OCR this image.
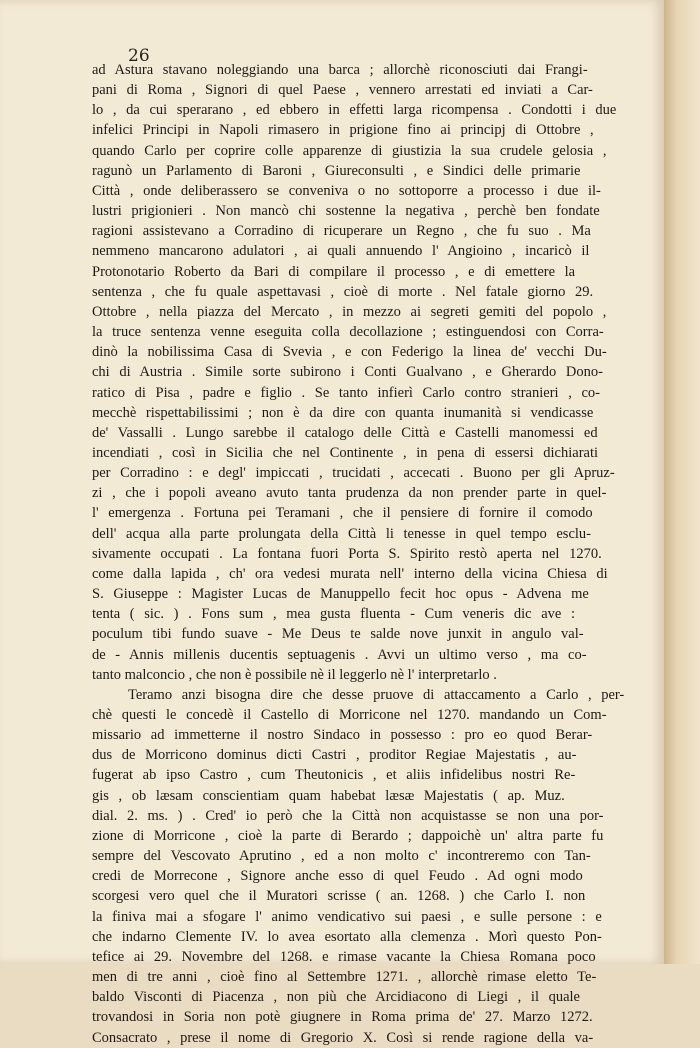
26
ad Astura stavano noleggiando una barca ; allorchè riconosciuti dai Frangi-
pani di Roma , Signori di quel Paese , vennero arrestati ed inviati a Car-
lo , da cui sperarano , ed ebbero in effetti larga ricompensa . Condotti i due
infelici Principi in Napoli rimasero in prigione fino ai principj di Ottobre ,
quando Carlo per coprire colle apparenze di giustizia la sua crudele gelosia ,
ragunò un Parlamento di Baroni , Giureconsulti , e Sindici delle primarie
Città , onde deliberassero se conveniva o no sottoporre a processo i due il-
lustri prigionieri . Non mancò chi sostenne la negativa , perchè ben fondate
ragioni assistevano a Corradino di ricuperare un Regno , che fu suo . Ma
nemmeno mancarono adulatori , ai quali annuendo l' Angioino , incaricò il
Protonotario Roberto da Bari di compilare il processo , e di emettere la
sentenza , che fu quale aspettavasi , cioè di morte . Nel fatale giorno 29.
Ottobre , nella piazza del Mercato , in mezzo ai segreti gemiti del popolo ,
la truce sentenza venne eseguita colla decollazione ; estinguendosi con Corra-
dinò la nobilissima Casa di Svevia , e con Federigo la linea de' vecchi Du-
chi di Austria . Simile sorte subirono i Conti Gualvano , e Gherardo Dono-
ratico di Pisa , padre e figlio . Se tanto infierì Carlo contro stranieri , co-
mecchè rispettabilissimi ; non è da dire con quanta inumanità si vendicasse
de' Vassalli . Lungo sarebbe il catalogo delle Città e Castelli manomessi ed
incendiati , così in Sicilia che nel Continente , in pena di essersi dichiarati
per Corradino : e degl' impiccati , trucidati , accecati . Buono per gli Apruz-
zi , che i popoli aveano avuto tanta prudenza da non prender parte in quel-
l' emergenza . Fortuna pei Teramani , che il pensiere di fornire il comodo
dell' acqua alla parte prolungata della Città li tenesse in quel tempo esclu-
sivamente occupati . La fontana fuori Porta S. Spirito restò aperta nel 1270.
come dalla lapida , ch' ora vedesi murata nell' interno della vicina Chiesa di
S. Giuseppe : Magister Lucas de Manuppello fecit hoc opus - Advena me
tenta ( sic. ) . Fons sum , mea gusta fluenta - Cum veneris dic ave :
poculum tibi fundo suave - Me Deus te salde nove junxit in angulo val-
de - Annis millenis ducentis septuagenis . Avvi un ultimo verso , ma co-
tanto malconcio , che non è possibile nè il leggerlo nè l' interpretarlo .
Teramo anzi bisogna dire che desse pruove di attaccamento a Carlo , per-
chè questi le concedè il Castello di Morricone nel 1270. mandando un Com-
missario ad immetterne il nostro Sindaco in possesso : pro eo quod Berar-
dus de Morricono dominus dicti Castri , proditor Regiae Majestatis , au-
fugerat ab ipso Castro , cum Theutonicis , et aliis infidelibus nostri Re-
gis , ob læsam conscientiam quam habebat læsæ Majestatis ( ap. Muz.
dial. 2. ms. ) . Cred' io però che la Città non acquistasse se non una por-
zione di Morricone , cioè la parte di Berardo ; dappoichè un' altra parte fu
sempre del Vescovato Aprutino , ed a non molto c' incontreremo con Tan-
credi de Morrecone , Signore anche esso di quel Feudo . Ad ogni modo
scorgesi vero quel che il Muratori scrisse ( an. 1268. ) che Carlo I. non
la finiva mai a sfogare l' animo vendicativo sui paesi , e sulle persone : e
che indarno Clemente IV. lo avea esortato alla clemenza . Morì questo Pon-
tefice ai 29. Novembre del 1268. e rimase vacante la Chiesa Romana poco
men di tre anni , cioè fino al Settembre 1271. , allorchè rimase eletto Te-
baldo Visconti di Piacenza , non più che Arcidiacono di Liegi , il quale
trovandosi in Soria non potè giugnere in Roma prima de' 27. Marzo 1272.
Consacrato , prese il nome di Gregorio X. Così si rende ragione della va-
